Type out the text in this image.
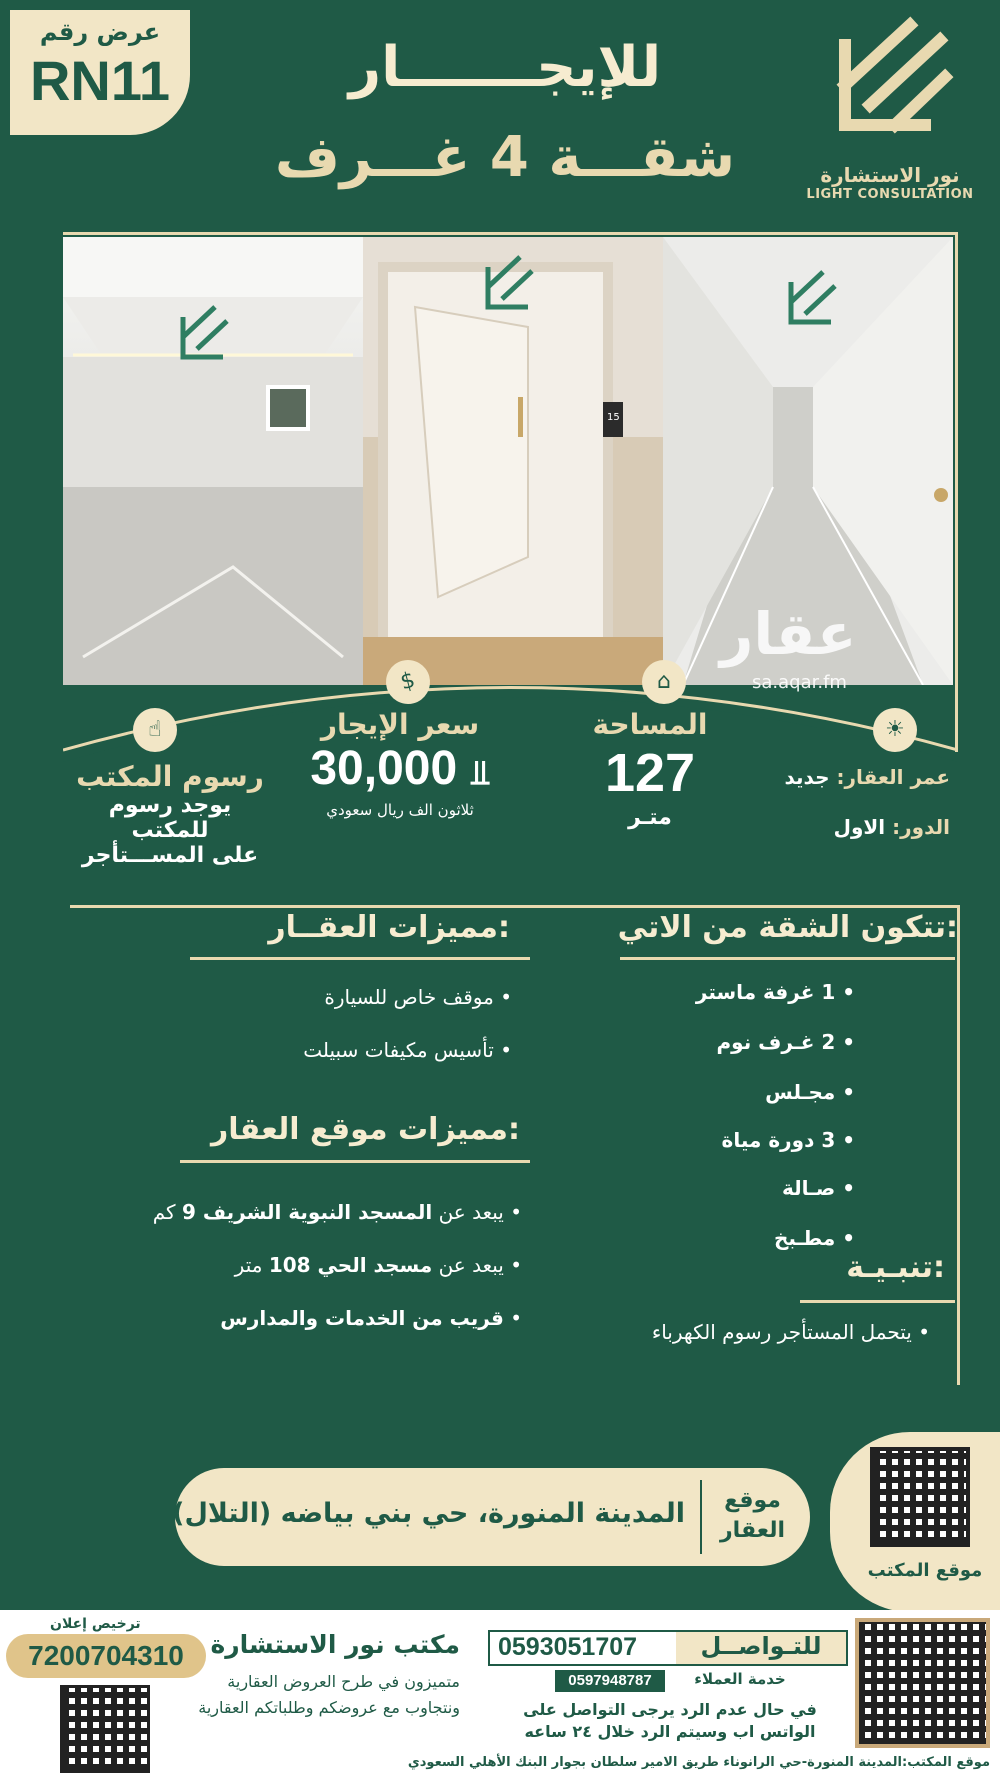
عرض رقم
RN11	للإيجـــــــار
شقـــة 4 غـــرف	نور الاستشارة
LIGHT CONSULTATION
15
عقار
sa.aqar.fm
☝
$	⌂
☀
رسوم المكتب
يوجد رسوم للمكتب
على المســـتأجر
سعر الإيجار
30,000 ⫫
ثلاثون الف ريال سعودي
المساحة
127
متـر
عمر العقار: جديد
الدور: الاول
تتكون الشقة من الاتي:
• 1 غرفة ماستر
• 2 غـرف نوم
• مجـلس
• 3 دورة مياة
• صـالة
• مطـبخ
تنبـيـة:
• يتحمل المستأجر رسوم الكهرباء
مميزات العقــار:
• موقف خاص للسيارة
• تأسيس مكيفات سبيلت
مميزات موقع العقار:
• يبعد عن المسجد النبوية الشريف 9 كم
• يبعد عن مسجد الحي 108 متر
• قريب من الخدمات والمدارس
موقع
العقار
المدينة المنورة، حي بني بياضه (التلال)
موقع المكتب
ترخيص إعلان
7200704310	مكتب نور الاستشارة
متميزون في طرح العروض العقارية
ونتجاوب مع عروضكم وطلباتكم العقارية
للتـواصــل
0593051707
0597948787	خدمة العملاء
في حال عدم الرد يرجى التواصل على
الواتس اب وسيتم الرد خلال ٢٤ ساعه
موقع المكتب:المدينة المنورة-حي الرانوناء طريق الامير سلطان بجوار البنك الأهلي السعودي
